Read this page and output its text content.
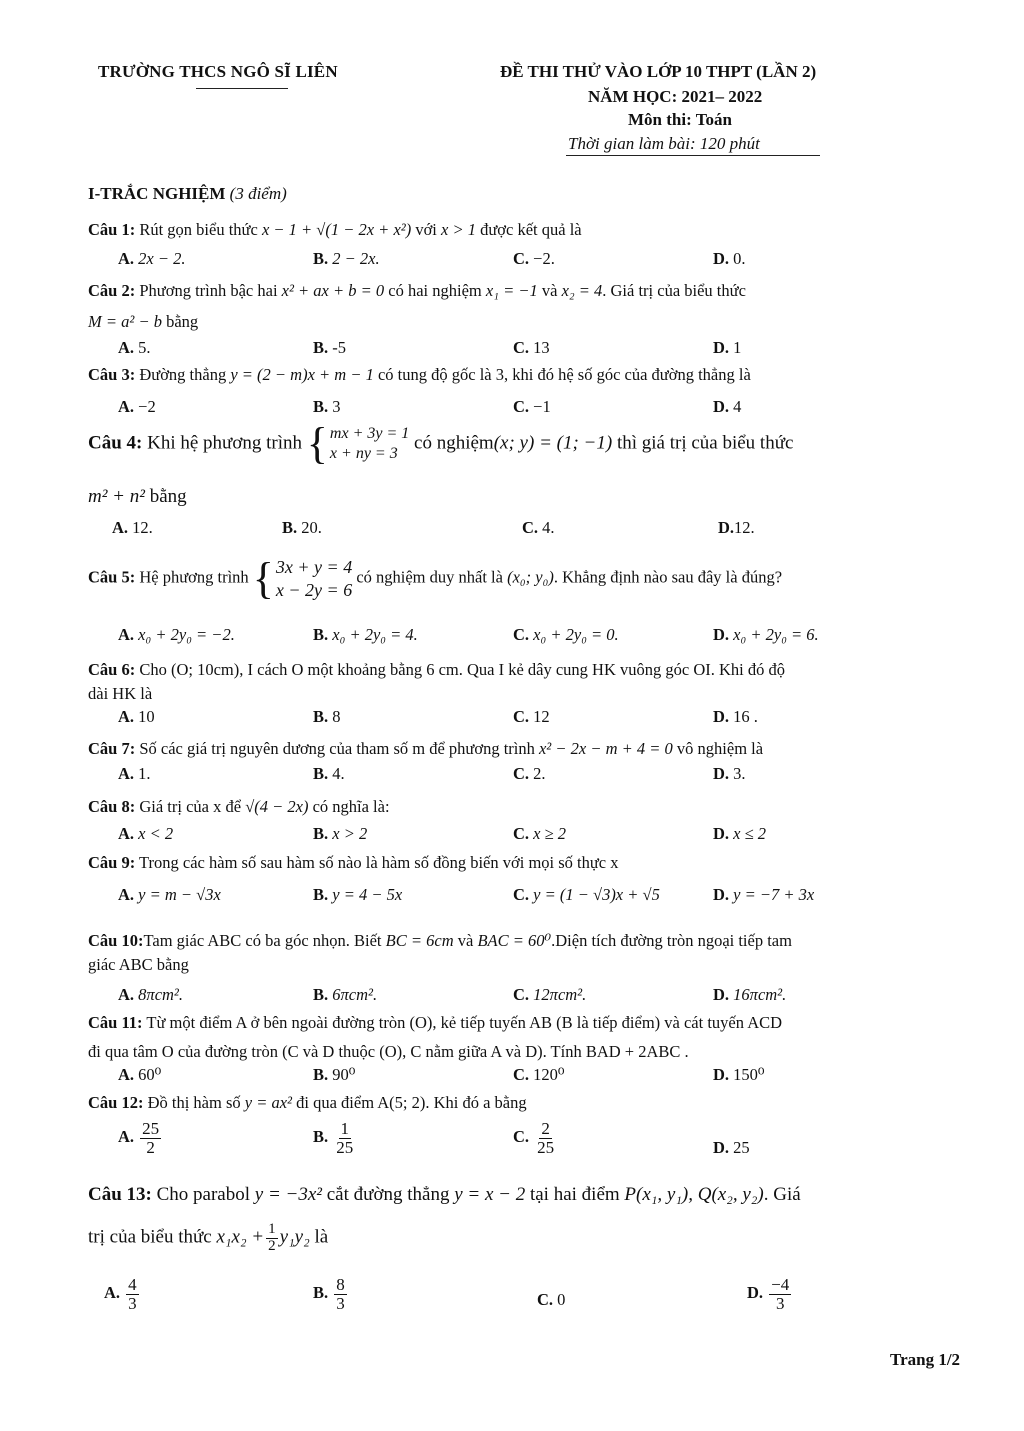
TRƯỜNG THCS NGÔ SĨ LIÊN	ĐỀ THI THỬ VÀO LỚP 10 THPT (LẦN 2)
NĂM HỌC: 2021– 2022
Môn thi: Toán
Thời gian làm bài: 120 phút
I-TRẮC NGHIỆM (3 điểm)
Câu 1: Rút gọn biểu thức x − 1 + √(1 − 2x + x²) với x > 1 được kết quả là
A. 2x − 2.	B. 2 − 2x.	C. −2.	D. 0.
Câu 2: Phương trình bậc hai x² + ax + b = 0 có hai nghiệm x₁ = −1 và x₂ = 4. Giá trị của biểu thức
M = a² − b bằng
A. 5.	B. -5	C. 13	D. 1
Câu 3: Đường thẳng y = (2 − m)x + m − 1 có tung độ gốc là 3, khi đó hệ số góc của đường thẳng là
A. −2	B. 3	C. −1	D. 4
Câu 4: Khi hệ phương trình { mx + 3y = 1
x + ny = 3
có nghiệm(x; y) = (1; −1) thì giá trị của biểu thức
m² + n² bằng
A. 12.	B. 20.	C. 4.	D.12.
Câu 5: Hệ phương trình { 3x + y = 4
x − 2y = 6
có nghiệm duy nhất là (x₀; y₀). Khẳng định nào sau đây là đúng?
A. x₀ + 2y₀ = −2.	B. x₀ + 2y₀ = 4.	C. x₀ + 2y₀ = 0.	D. x₀ + 2y₀ = 6.
Câu 6: Cho (O; 10cm), I cách O một khoảng bằng 6 cm. Qua I kẻ dây cung HK vuông góc OI. Khi đó độ
dài HK là
A. 10	B. 8	C. 12	D. 16 .
Câu 7: Số các giá trị nguyên dương của tham số m để phương trình x² − 2x − m + 4 = 0 vô nghiệm là
A. 1.	B. 4.	C. 2.	D. 3.
Câu 8: Giá trị của x để √(4 − 2x) có nghĩa là:
A. x < 2	B. x > 2	C. x ≥ 2	D. x ≤ 2
Câu 9: Trong các hàm số sau hàm số nào là hàm số đồng biến với mọi số thực x
A. y = m − √3x	B. y = 4 − 5x	C. y = (1 − √3)x + √5	D. y = −7 + 3x
Câu 10:Tam giác ABC có ba góc nhọn. Biết BC = 6cm và BAC = 60⁰.Diện tích đường tròn ngoại tiếp tam
giác ABC bằng
A. 8πcm².	B. 6πcm².	C. 12πcm².	D. 16πcm².
Câu 11: Từ một điểm A ở bên ngoài đường tròn (O), kẻ tiếp tuyến AB (B là tiếp điểm) và cát tuyến ACD
đi qua tâm O của đường tròn (C và D thuộc (O), C nằm giữa A và D). Tính BAD + 2ABC .
A. 60⁰	B. 90⁰	C. 120⁰	D. 150⁰
Câu 12: Đồ thị hàm số y = ax² đi qua điểm A(5; 2). Khi đó a bằng
A. $\frac{25}{2}$	B. $\frac{1}{25}$	C. $\frac{2}{25}$	D. 25
Câu 13: Cho parabol y = −3x² cắt đường thẳng y = x − 2 tại hai điểm P(x₁, y₁), Q(x₂, y₂). Giá
trị của biểu thức $x_1x_2 + \frac{1}{2} y_1y_2$ là
A. $\frac{4}{3}$	B. $\frac{8}{3}$	C. 0	D. $\frac{-4}{3}$
Trang 1/2
